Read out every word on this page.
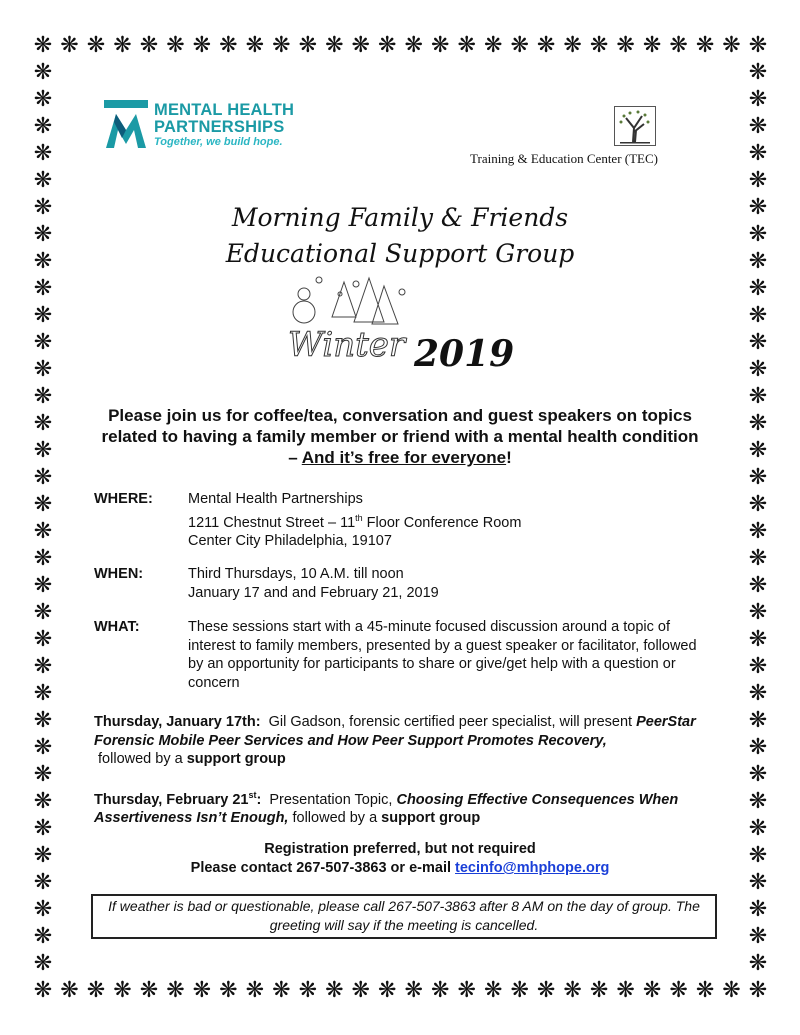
❋
❋
❋
❋
❋
❋
❋
❋
❋
❋
❋
❋
❋
❋
❋
❋
❋
❋
❋
❋
❋
❋
❋
❋
❋
❋
❋
❋
❋
❋
❋
❋
❋
❋
❋
❋
❋
❋
❋
❋
❋
❋
❋
❋
❋
❋
❋
❋
❋
❋
❋
❋
❋
❋
❋
❋
❋	❋
❋	❋
❋	❋
❋	❋
❋	❋
❋	❋
❋	❋
❋	❋
❋	❋
❋	❋
❋	❋
❋	❋
❋	❋
❋	❋
❋	❋
❋	❋
❋	❋
❋	❋
❋	❋
❋	❋
❋	❋
❋	❋
❋	❋
❋	❋
❋	❋
❋	❋
❋	❋
❋	❋
❋	❋
❋	❋
❋	❋
❋	❋
❋	❋
❋	❋
MENTAL HEALTH
PARTNERSHIPS
Together, we build hope.
Training & Education Center (TEC)
Morning Family & Friends
Educational Support Group
Winter 2019
Please join us for coffee/tea, conversation and guest speakers on topics related to having a family member or friend with a mental health condition – And it’s free for everyone!
WHERE:	Mental Health Partnerships
1211 Chestnut Street – 11th Floor Conference Room
Center City Philadelphia, 19107
WHEN:	Third Thursdays, 10 A.M. till noon
January 17 and and February 21, 2019
WHAT:	These sessions start with a 45-minute focused discussion around a topic of interest to family members, presented by a guest speaker or facilitator, followed by an opportunity for participants to share or give/get help with a question or concern
Thursday, January 17th:  Gil Gadson, forensic certified peer specialist, will present PeerStar Forensic Mobile Peer Services and How Peer Support Promotes Recovery, followed by a support group
Thursday, February 21st:  Presentation Topic, Choosing Effective Consequences When Assertiveness Isn’t Enough, followed by a support group
Registration preferred, but not required
Please contact 267-507-3863 or e-mail tecinfo@mhphope.org
If weather is bad or questionable, please call 267-507-3863 after 8 AM on the day of group. The greeting will say if the meeting is cancelled.
